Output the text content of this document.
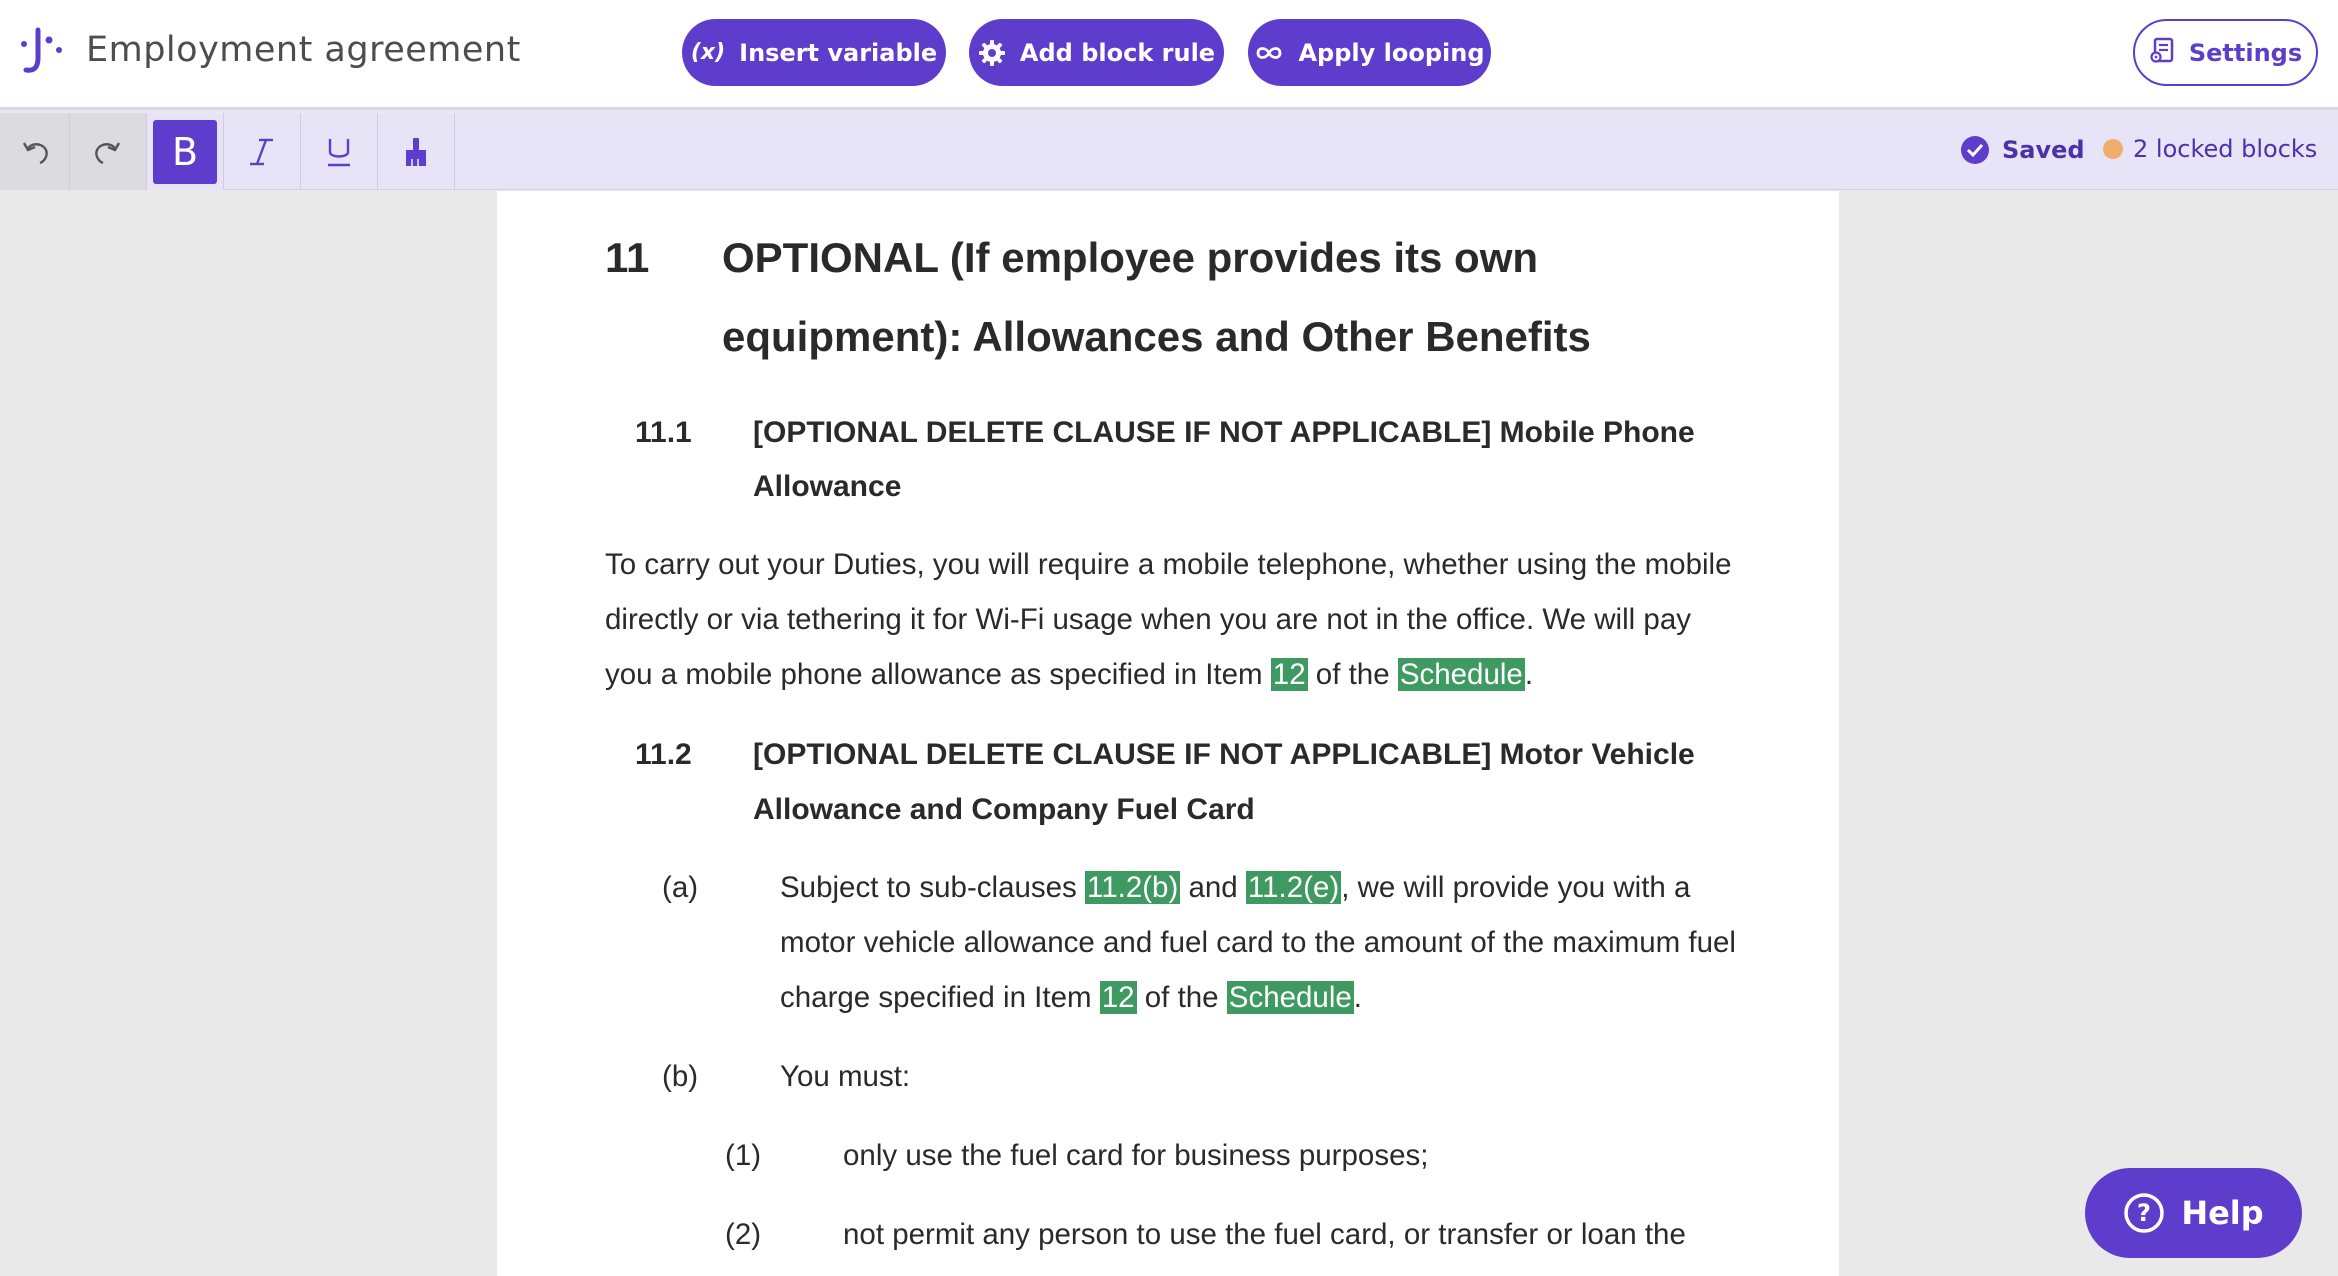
Employment agreement	(x) Insert variable	Add block rule	Apply looping	Settings
B	Saved 2 locked blocks
11 OPTIONAL (If employee provides its own
equipment): Allowances and Other Benefits
11.1 [OPTIONAL DELETE CLAUSE IF NOT APPLICABLE] Mobile Phone
Allowance
To carry out your Duties, you will require a mobile telephone, whether using the mobile
directly or via tethering it for Wi-Fi usage when you are not in the office. We will pay
you a mobile phone allowance as specified in Item 12 of the Schedule.
11.2 [OPTIONAL DELETE CLAUSE IF NOT APPLICABLE] Motor Vehicle
Allowance and Company Fuel Card
(a)	Subject to sub-clauses 11.2(b) and 11.2(e), we will provide you with a
motor vehicle allowance and fuel card to the amount of the maximum fuel
charge specified in Item 12 of the Schedule.
(b)	You must:
(1)	only use the fuel card for business purposes;
(2)	not permit any person to use the fuel card, or transfer or loan the
? Help
